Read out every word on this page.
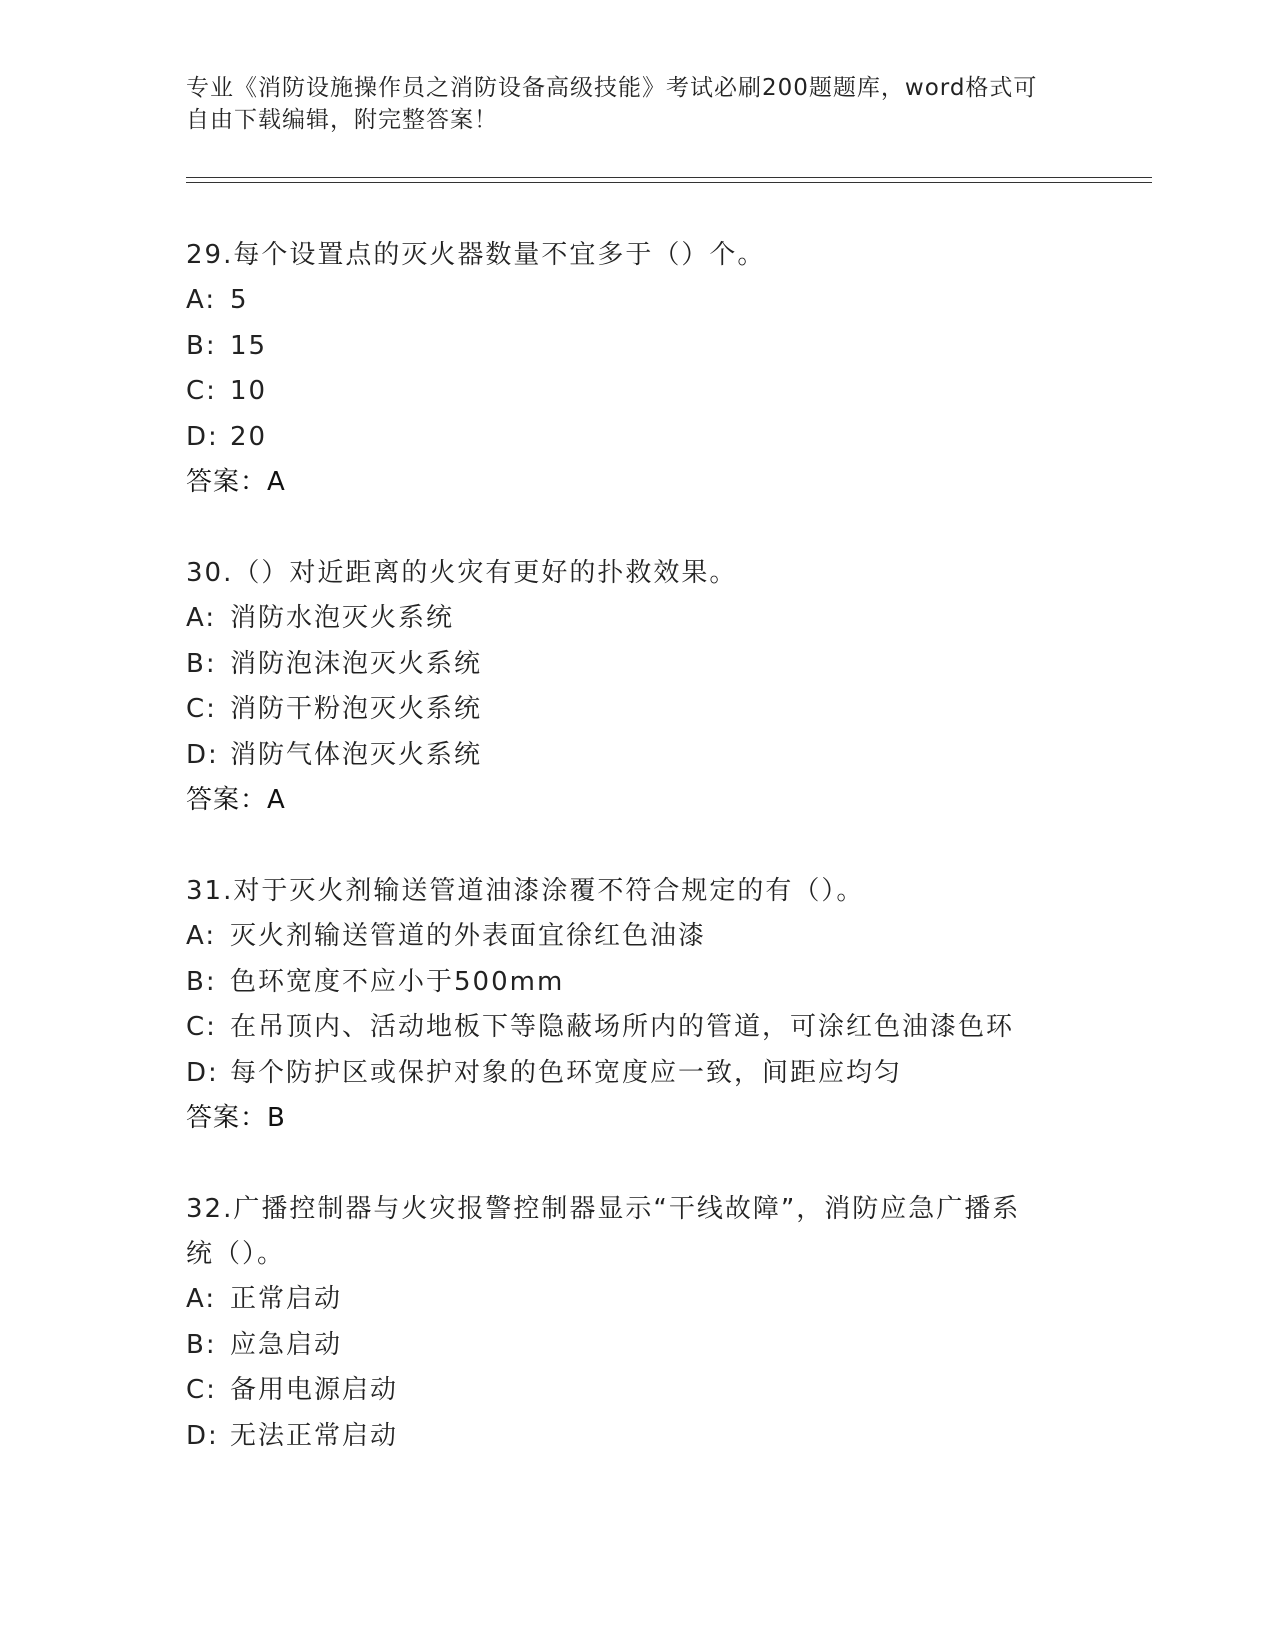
专业《消防设施操作员之消防设备高级技能》考试必刷200题题库，word格式可
自由下载编辑，附完整答案！

29.每个设置点的灭火器数量不宜多于（）个。

A: 5

B: 15

C: 10

D: 20

答案：A

30.（）对近距离的火灾有更好的扑救效果。

A: 消防水泡灭火系统

B: 消防泡沫泡灭火系统

C: 消防干粉泡灭火系统

D: 消防气体泡灭火系统

答案：A

31.对于灭火剂输送管道油漆涂覆不符合规定的有（）。

A: 灭火剂输送管道的外表面宜徐红色油漆

B: 色环宽度不应小于500mm

C: 在吊顶内、活动地板下等隐蔽场所内的管道，可涂红色油漆色环

D: 每个防护区或保护对象的色环宽度应一致，间距应均匀

答案：B

32.广播控制器与火灾报警控制器显示“干线故障”，消防应急广播系统（）。

A: 正常启动

B: 应急启动

C: 备用电源启动

D: 无法正常启动
